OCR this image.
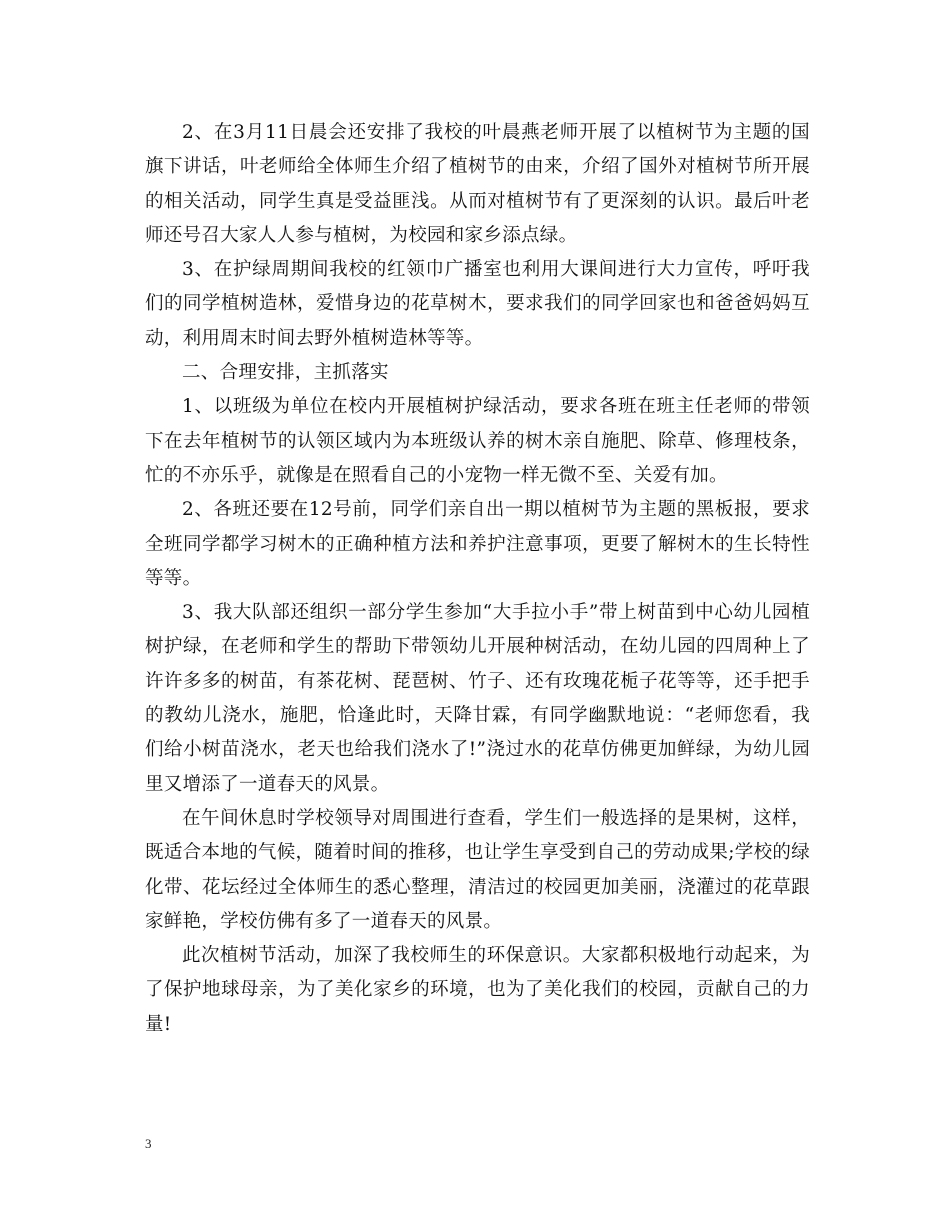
2、在3月11日晨会还安排了我校的叶晨燕老师开展了以植树节为主题的国旗下讲话，叶老师给全体师生介绍了植树节的由来，介绍了国外对植树节所开展的相关活动，同学生真是受益匪浅。从而对植树节有了更深刻的认识。最后叶老师还号召大家人人参与植树，为校园和家乡添点绿。

3、在护绿周期间我校的红领巾广播室也利用大课间进行大力宣传，呼吁我们的同学植树造林，爱惜身边的花草树木，要求我们的同学回家也和爸爸妈妈互动，利用周末时间去野外植树造林等等。

二、合理安排，主抓落实

1、以班级为单位在校内开展植树护绿活动，要求各班在班主任老师的带领下在去年植树节的认领区域内为本班级认养的树木亲自施肥、除草、修理枝条，忙的不亦乐乎，就像是在照看自己的小宠物一样无微不至、关爱有加。

2、各班还要在12号前，同学们亲自出一期以植树节为主题的黑板报，要求全班同学都学习树木的正确种植方法和养护注意事项，更要了解树木的生长特性等等。

3、我大队部还组织一部分学生参加“大手拉小手”带上树苗到中心幼儿园植树护绿，在老师和学生的帮助下带领幼儿开展种树活动，在幼儿园的四周种上了许许多多的树苗，有茶花树、琵琶树、竹子、还有玫瑰花栀子花等等，还手把手的教幼儿浇水，施肥，恰逢此时，天降甘霖，有同学幽默地说：“老师您看，我们给小树苗浇水，老天也给我们浇水了!”浇过水的花草仿佛更加鲜绿，为幼儿园里又增添了一道春天的风景。

在午间休息时学校领导对周围进行查看，学生们一般选择的是果树，这样，既适合本地的气候，随着时间的推移，也让学生享受到自己的劳动成果;学校的绿化带、花坛经过全体师生的悉心整理，清洁过的校园更加美丽，浇灌过的花草跟家鲜艳，学校仿佛有多了一道春天的风景。

此次植树节活动，加深了我校师生的环保意识。大家都积极地行动起来，为了保护地球母亲，为了美化家乡的环境，也为了美化我们的校园，贡献自己的力量!

3
